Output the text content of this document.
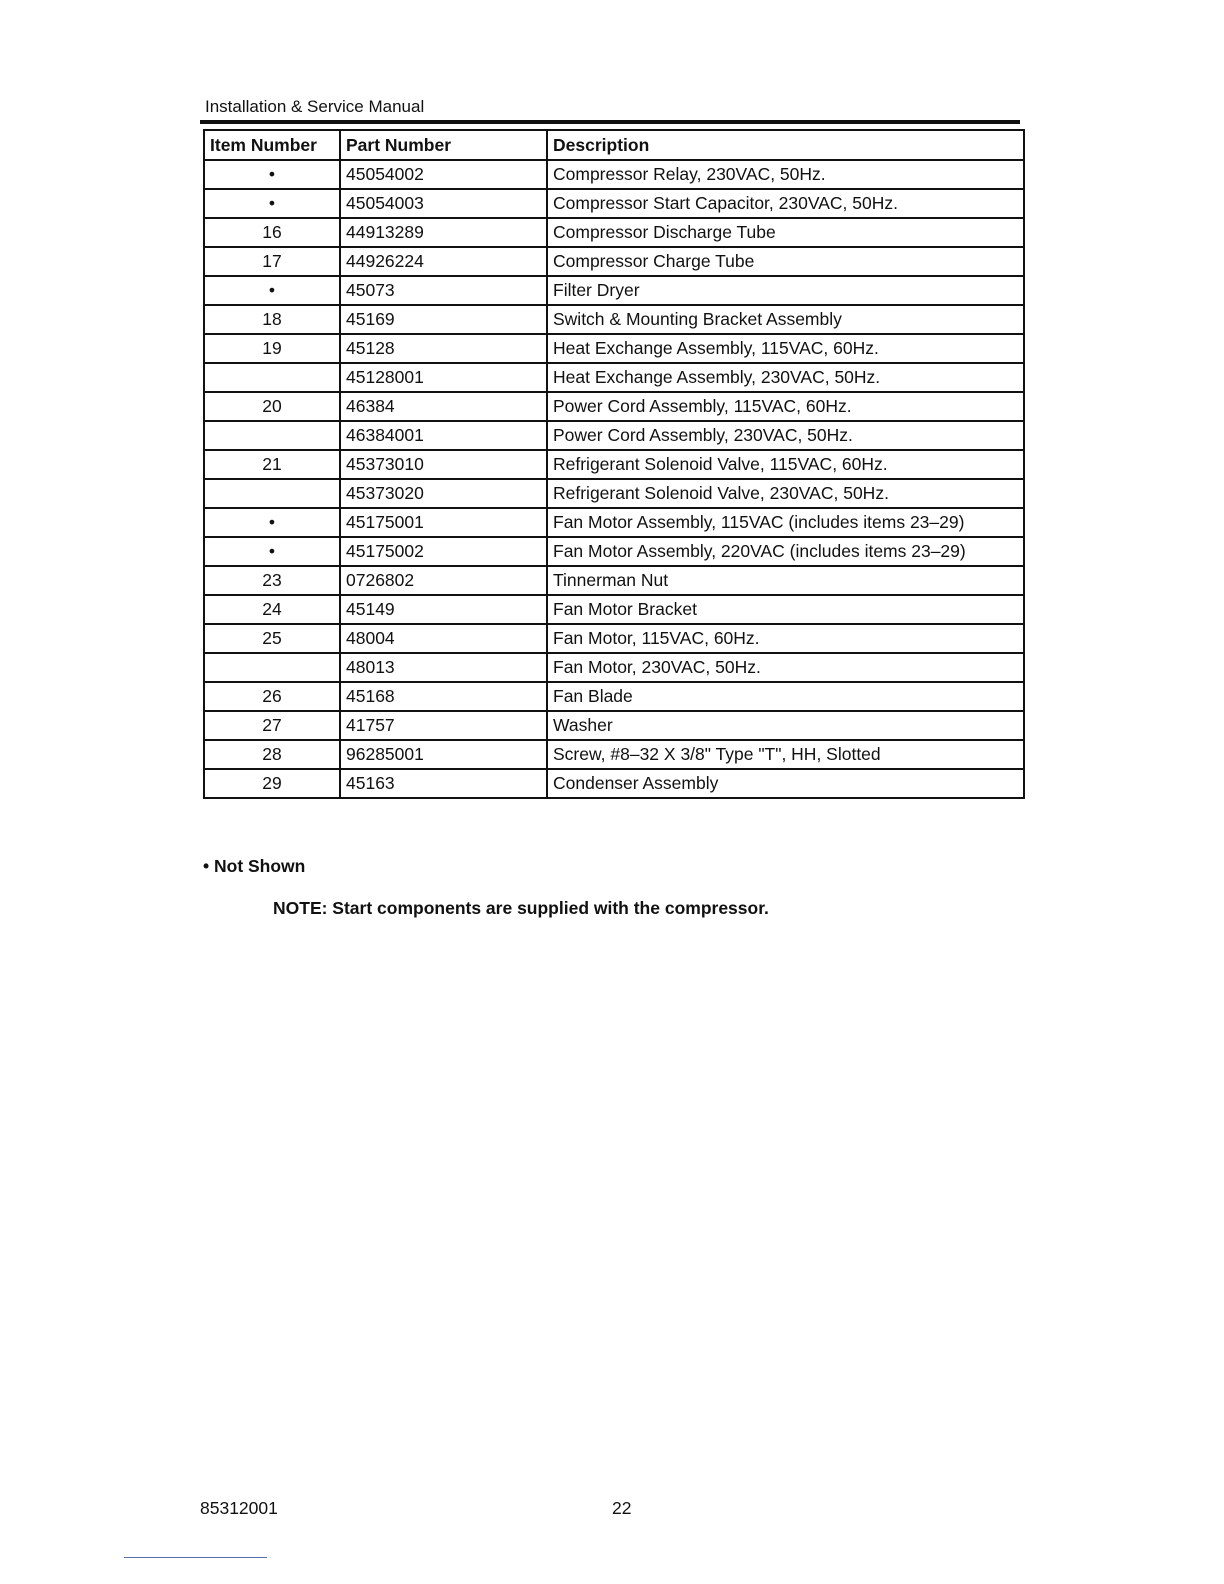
Installation & Service Manual
Item Number	Part Number	Description
•	45054002	Compressor Relay, 230VAC, 50Hz.
•	45054003	Compressor Start Capacitor, 230VAC, 50Hz.
16	44913289	Compressor Discharge Tube
17	44926224	Compressor Charge Tube
•	45073	Filter Dryer
18	45169	Switch & Mounting Bracket Assembly
19	45128	Heat Exchange Assembly, 115VAC, 60Hz.
	45128001	Heat Exchange Assembly, 230VAC, 50Hz.
20	46384	Power Cord Assembly, 115VAC, 60Hz.
	46384001	Power Cord Assembly, 230VAC, 50Hz.
21	45373010	Refrigerant Solenoid Valve, 115VAC, 60Hz.
	45373020	Refrigerant Solenoid Valve, 230VAC, 50Hz.
•	45175001	Fan Motor Assembly, 115VAC (includes items 23–29)
•	45175002	Fan Motor Assembly, 220VAC (includes items 23–29)
23	0726802	Tinnerman Nut
24	45149	Fan Motor Bracket
25	48004	Fan Motor, 115VAC, 60Hz.
	48013	Fan Motor, 230VAC, 50Hz.
26	45168	Fan Blade
27	41757	Washer
28	96285001	Screw, #8–32 X 3/8" Type "T", HH, Slotted
29	45163	Condenser Assembly
• Not Shown
NOTE: Start components are supplied with the compressor.
85312001	22
